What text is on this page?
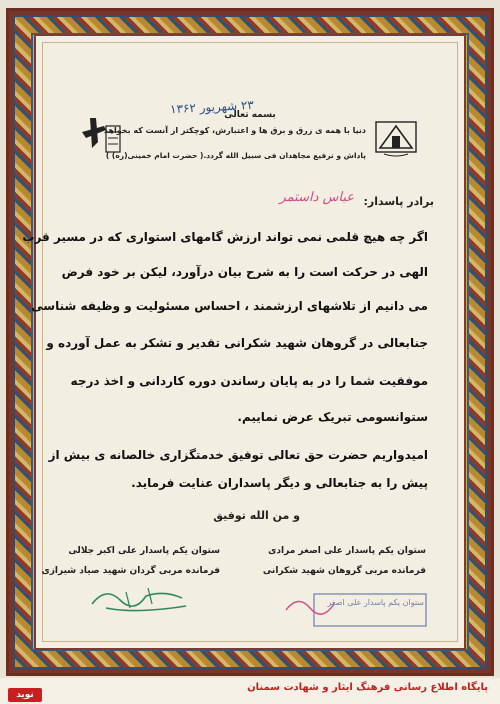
۲۳ شهریور ۱۳۶۲
بسمه تعالی
دنیا با همه ی زرق و برق ها و اعتبارش، کوچکتر از آنست که بخواهد
پاداش و ترفیع مجاهدان فی سبیل الله گردد.( حضرت امام خمینی(ره) )
برادر پاسدار:
عباس داستمر
اگر چه هیچ قلمی نمی تواند ارزش گامهای استواری که در مسیر قرب
الهی در حرکت است را به شرح بیان درآورد، لیکن بر خود فرض
می دانیم از تلاشهای ارزشمند ، احساس مسئولیت و وظیفه شناسی
جنابعالی در گروهان شهید شکرانی تقدیر و تشکر به عمل آورده و
موفقیت شما را در به پایان رساندن دوره کاردانی و اخذ درجه
ستوانسومی تبریک عرض نماییم.
امیدواریم حضرت حق تعالی توفیق خدمتگزاری خالصانه ی بیش از
پیش را به جنابعالی و دیگر پاسداران عنایت فرماید.
و من الله توفیق
ستوان یکم پاسدار علی اصغر مرادی
فرمانده مربی گروهان شهید شکرانی
ستوان یکم پاسدار علی اکبر جلالی
فرمانده مربی گردان شهید صیاد شیرازی
ستوان یکم پاسدار علی اصغر
پایگاه اطلاع رسانی فرهنگ ایثار و شهادت سمنان
نوید
